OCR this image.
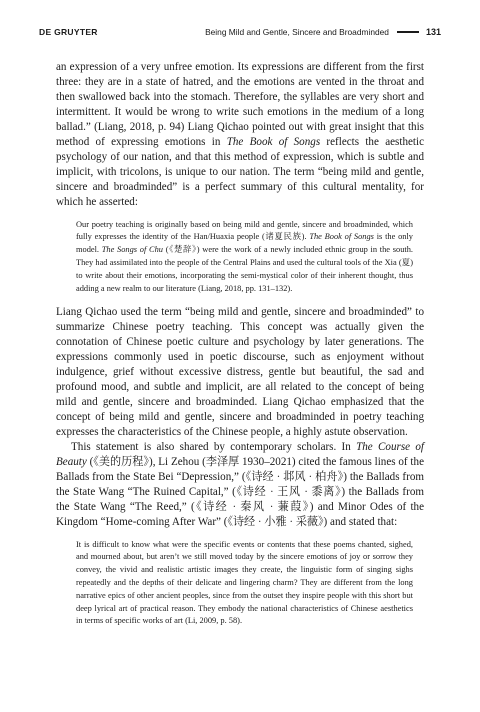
DE GRUYTER	Being Mild and Gentle, Sincere and Broadminded	131

an expression of a very unfree emotion. Its expressions are different from the first three: they are in a state of hatred, and the emotions are vented in the throat and then swallowed back into the stomach. Therefore, the syllables are very short and intermittent. It would be wrong to write such emotions in the medium of a long ballad.” (Liang, 2018, p. 94) Liang Qichao pointed out with great insight that this method of expressing emotions in The Book of Songs reflects the aesthetic psychology of our nation, and that this method of expression, which is subtle and implicit, with tricolons, is unique to our nation. The term “being mild and gentle, sincere and broadminded” is a perfect summary of this cultural mentality, for which he asserted:

Our poetry teaching is originally based on being mild and gentle, sincere and broadminded, which fully expresses the identity of the Han/Huaxia people (诸夏民族). The Book of Songs is the only model. The Songs of Chu (《楚辞》) were the work of a newly included ethnic group in the south. They had assimilated into the people of the Central Plains and used the cultural tools of the Xia (夏) to write about their emotions, incorporating the semi-mystical color of their inherent thought, thus adding a new realm to our literature (Liang, 2018, pp. 131–132).

Liang Qichao used the term “being mild and gentle, sincere and broadminded” to summarize Chinese poetry teaching. This concept was actually given the connotation of Chinese poetic culture and psychology by later generations. The expressions commonly used in poetic discourse, such as enjoyment without indulgence, grief without excessive distress, gentle but beautiful, the sad and profound mood, and subtle and implicit, are all related to the concept of being mild and gentle, sincere and broadminded. Liang Qichao emphasized that the concept of being mild and gentle, sincere and broadminded in poetry teaching expresses the characteristics of the Chinese people, a highly astute observation.

This statement is also shared by contemporary scholars. In The Course of Beauty (《美的历程》), Li Zehou (李泽厚 1930–2021) cited the famous lines of the Ballads from the State Bei “Depression,” (《诗经 · 邶风 · 柏舟》) the Ballads from the State Wang “The Ruined Capital,” (《诗经 · 王风 · 黍离》) the Ballads from the State Wang “The Reed,” (《诗经 · 秦风 · 蒹葭》) and Minor Odes of the Kingdom “Home-coming After War” (《诗经 · 小雅 · 采薇》) and stated that:

It is difficult to know what were the specific events or contents that these poems chanted, sighed, and mourned about, but aren’t we still moved today by the sincere emotions of joy or sorrow they convey, the vivid and realistic artistic images they create, the linguistic form of singing sighs repeatedly and the depths of their delicate and lingering charm? They are different from the long narrative epics of other ancient peoples, since from the outset they inspire people with this short but deep lyrical art of practical reason. They embody the national characteristics of Chinese aesthetics in terms of specific works of art (Li, 2009, p. 58).
